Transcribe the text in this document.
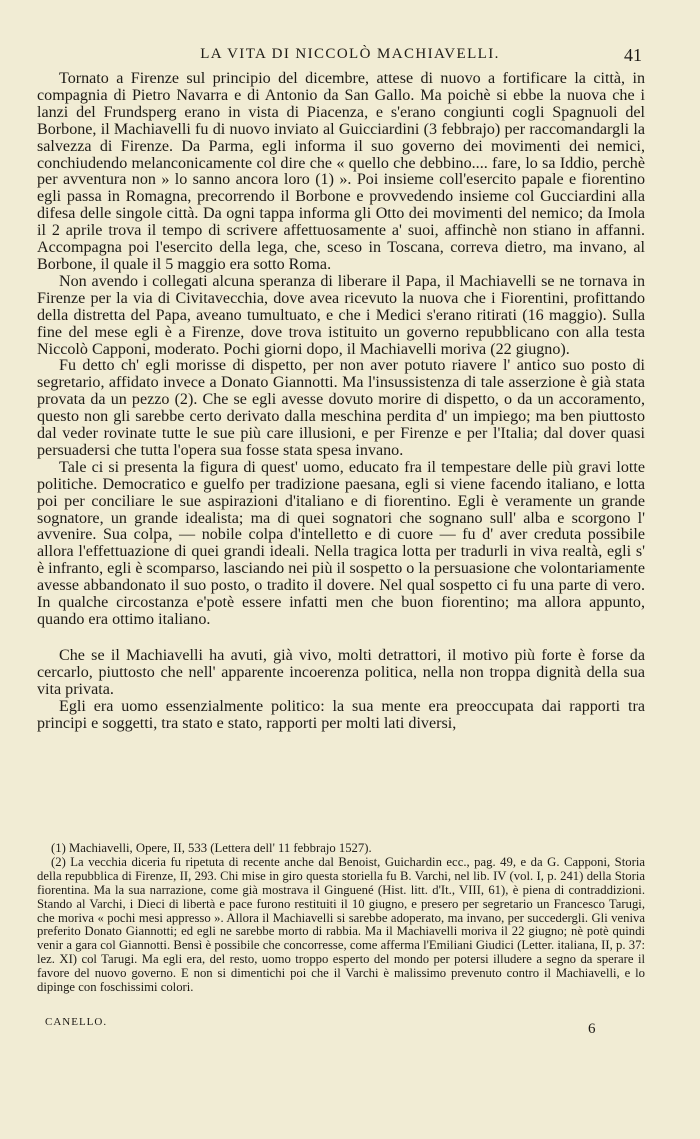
LA VITA DI NICCOLÒ MACHIAVELLI.	41

Tornato a Firenze sul principio del dicembre, attese di nuovo a fortificare la città, in compagnia di Pietro Navarra e di Antonio da San Gallo. Ma poichè si ebbe la nuova che i lanzi del Frundsperg erano in vista di Piacenza, e s'erano congiunti cogli Spagnuoli del Borbone, il Machiavelli fu di nuovo inviato al Guicciardini (3 febbrajo) per raccomandargli la salvezza di Firenze. Da Parma, egli informa il suo governo dei movimenti dei nemici, conchiudendo melanconicamente col dire che « quello che debbino.... fare, lo sa Iddio, perchè per avventura non » lo sanno ancora loro (1) ». Poi insieme coll'esercito papale e fiorentino egli passa in Romagna, precorrendo il Borbone e provvedendo insieme col Gucciardini alla difesa delle singole città. Da ogni tappa informa gli Otto dei movimenti del nemico; da Imola il 2 aprile trova il tempo di scrivere affettuosamente a' suoi, affinchè non stiano in affanni. Accompagna poi l'esercito della lega, che, sceso in Toscana, correva dietro, ma invano, al Borbone, il quale il 5 maggio era sotto Roma.

Non avendo i collegati alcuna speranza di liberare il Papa, il Machiavelli se ne tornava in Firenze per la via di Civitavecchia, dove avea ricevuto la nuova che i Fiorentini, profittando della distretta del Papa, aveano tumultuato, e che i Medici s'erano ritirati (16 maggio). Sulla fine del mese egli è a Firenze, dove trova istituito un governo repubblicano con alla testa Niccolò Capponi, moderato. Pochi giorni dopo, il Machiavelli moriva (22 giugno).

Fu detto ch' egli morisse di dispetto, per non aver potuto riavere l' antico suo posto di segretario, affidato invece a Donato Giannotti. Ma l'insussistenza di tale asserzione è già stata provata da un pezzo (2). Che se egli avesse dovuto morire di dispetto, o da un accoramento, questo non gli sarebbe certo derivato dalla meschina perdita d' un impiego; ma ben piuttosto dal veder rovinate tutte le sue più care illusioni, e per Firenze e per l'Italia; dal dover quasi persuadersi che tutta l'opera sua fosse stata spesa invano.

Tale ci si presenta la figura di quest' uomo, educato fra il tempestare delle più gravi lotte politiche. Democratico e guelfo per tradizione paesana, egli si viene facendo italiano, e lotta poi per conciliare le sue aspirazioni d'italiano e di fiorentino. Egli è veramente un grande sognatore, un grande idealista; ma di quei sognatori che sognano sull' alba e scorgono l' avvenire. Sua colpa, — nobile colpa d'intelletto e di cuore — fu d' aver creduta possibile allora l'effettuazione di quei grandi ideali. Nella tragica lotta per tradurli in viva realtà, egli s' è infranto, egli è scomparso, lasciando nei più il sospetto o la persuasione che volontariamente avesse abbandonato il suo posto, o tradito il dovere. Nel qual sospetto ci fu una parte di vero. In qualche circostanza e'potè essere infatti men che buon fiorentino; ma allora appunto, quando era ottimo italiano.

Che se il Machiavelli ha avuti, già vivo, molti detrattori, il motivo più forte è forse da cercarlo, piuttosto che nell' apparente incoerenza politica, nella non troppa dignità della sua vita privata.

Egli era uomo essenzialmente politico: la sua mente era preoccupata dai rapporti tra principi e soggetti, tra stato e stato, rapporti per molti lati diversi,

(1) Machiavelli, Opere, II, 533 (Lettera dell' 11 febbrajo 1527).

(2) La vecchia diceria fu ripetuta di recente anche dal Benoist, Guichardin ecc., pag. 49, e da G. Capponi, Storia della repubblica di Firenze, II, 293. Chi mise in giro questa storiella fu B. Varchi, nel lib. IV (vol. I, p. 241) della Storia fiorentina. Ma la sua narrazione, come già mostrava il Ginguené (Hist. litt. d'It., VIII, 61), è piena di contraddizioni. Stando al Varchi, i Dieci di libertà e pace furono restituiti il 10 giugno, e presero per segretario un Francesco Tarugi, che moriva « pochi mesi appresso ». Allora il Machiavelli si sarebbe adoperato, ma invano, per succedergli. Gli veniva preferito Donato Giannotti; ed egli ne sarebbe morto di rabbia. Ma il Machiavelli moriva il 22 giugno; nè potè quindi venir a gara col Giannotti. Bensì è possibile che concorresse, come afferma l'Emiliani Giudici (Letter. italiana, II, p. 37: lez. XI) col Tarugi. Ma egli era, del resto, uomo troppo esperto del mondo per potersi illudere a segno da sperare il favore del nuovo governo. E non si dimentichi poi che il Varchi è malissimo prevenuto contro il Machiavelli, e lo dipinge con foschissimi colori.

CANELLO.	6
